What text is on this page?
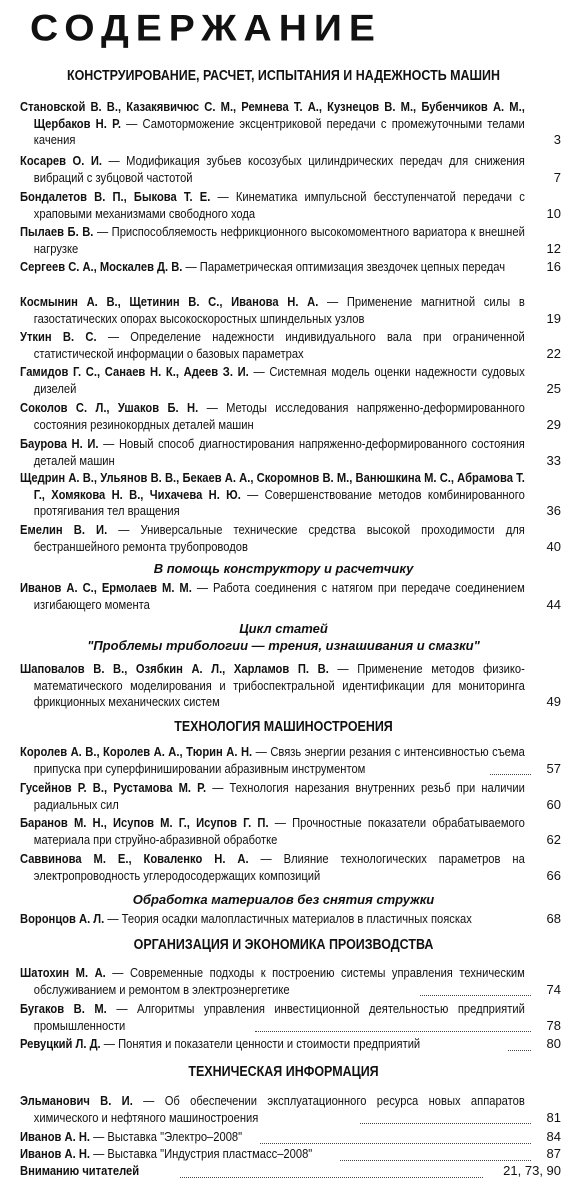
СОДЕРЖАНИЕ
КОНСТРУИРОВАНИЕ, РАСЧЕТ, ИСПЫТАНИЯ И НАДЕЖНОСТЬ МАШИН
Становской В. В., Казакявичюс С. М., Ремнева Т. А., Кузнецов В. М., Бубенчиков А. М., Щербаков Н. Р. — Самоторможение эксцентриковой передачи с промежуточными телами качения	3
Косарев О. И. — Модификация зубьев косозубых цилиндрических передач для снижения вибраций с зубцовой частотой	7
Бондалетов В. П., Быкова Т. Е. — Кинематика импульсной бесступенчатой передачи с храповыми механизмами свободного хода	10
Пылаев Б. В. — Приспособляемость нефрикционного высокомоментного вариатора к внешней нагрузке	12
Сергеев С. А., Москалев Д. В. — Параметрическая оптимизация звездочек цепных передач	16
Космынин А. В., Щетинин В. С., Иванова Н. А. — Применение магнитной силы в газостатических опорах высокоскоростных шпиндельных узлов	19
Уткин В. С. — Определение надежности индивидуального вала при ограниченной статистической информации о базовых параметрах	22
Гамидов Г. С., Санаев Н. К., Адеев З. И. — Системная модель оценки надежности судовых дизелей	25
Соколов С. Л., Ушаков Б. Н. — Методы исследования напряженно-деформированного состояния резинокордных деталей машин	29
Баурова Н. И. — Новый способ диагностирования напряженно-деформированного состояния деталей машин	33
Щедрин А. В., Ульянов В. В., Бекаев А. А., Скоромнов В. М., Ванюшкина М. С., Абрамова Т. Г., Хомякова Н. В., Чихачева Н. Ю. — Совершенствование методов комбинированного протягивания тел вращения	36
Емелин В. И. — Универсальные технические средства высокой проходимости для бестраншейного ремонта трубопроводов	40
В помощь конструктору и расчетчику
Иванов А. С., Ермолаев М. М. — Работа соединения с натягом при передаче соединением изгибающего момента	44
Цикл статей
"Проблемы трибологии — трения, изнашивания и смазки"
Шаповалов В. В., Озябкин А. Л., Харламов П. В. — Применение методов физико-математического моделирования и трибоспектральной идентификации для мониторинга фрикционных механических систем	49
ТЕХНОЛОГИЯ МАШИНОСТРОЕНИЯ
Королев А. В., Королев А. А., Тюрин А. Н. — Связь энергии резания с интенсивностью съема припуска при суперфинишировании абразивным инструментом	57
Гусейнов Р. В., Рустамова М. Р. — Технология нарезания внутренних резьб при наличии радиальных сил	60
Баранов М. Н., Исупов М. Г., Исупов Г. П. — Прочностные показатели обрабатываемого материала при струйно-абразивной обработке	62
Саввинова М. Е., Коваленко Н. А. — Влияние технологических параметров на электропроводность углеродосодержащих композиций	66
Обработка материалов без снятия стружки
Воронцов А. Л. — Теория осадки малопластичных материалов в пластичных поясках	68
ОРГАНИЗАЦИЯ И ЭКОНОМИКА ПРОИЗВОДСТВА
Шатохин М. А. — Современные подходы к построению системы управления техническим обслуживанием и ремонтом в электроэнергетике	74
Бугаков В. М. — Алгоритмы управления инвестиционной деятельностью предприятий промышленности	78
Ревуцкий Л. Д. — Понятия и показатели ценности и стоимости предприятий	80
ТЕХНИЧЕСКАЯ ИНФОРМАЦИЯ
Эльманович В. И. — Об обеспечении эксплуатационного ресурса новых аппаратов химического и нефтяного машиностроения	81
Иванов А. Н. — Выставка "Электро–2008"	84
Иванов А. Н. — Выставка "Индустрия пластмасс–2008"	87
Вниманию читателей	21, 73, 90
